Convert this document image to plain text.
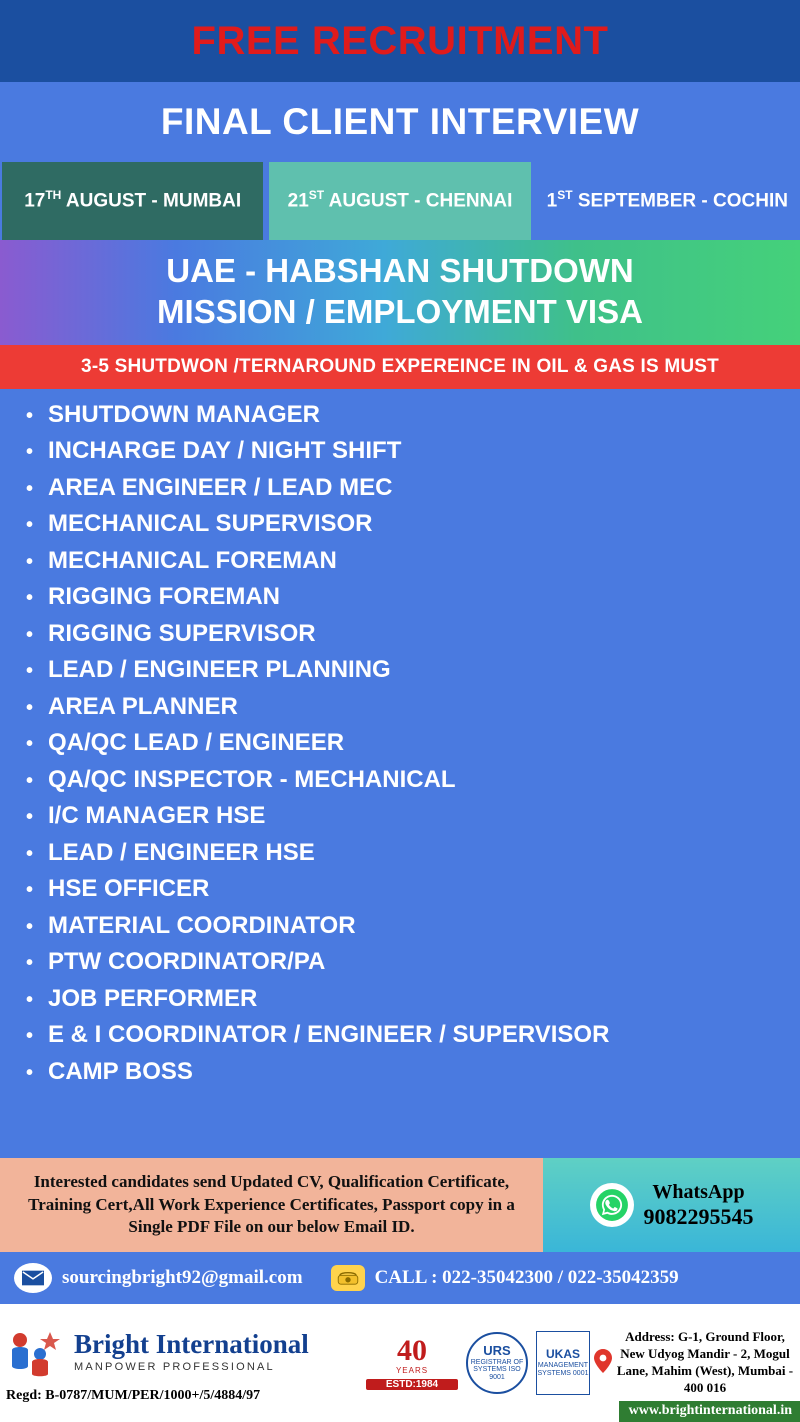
FREE RECRUITMENT
FINAL CLIENT INTERVIEW
17TH AUGUST - MUMBAI 21ST AUGUST - CHENNAI 1ST SEPTEMBER - COCHIN
UAE - HABSHAN SHUTDOWN
MISSION / EMPLOYMENT VISA
3-5 SHUTDWON /TERNAROUND EXPEREINCE IN OIL & GAS IS MUST
• SHUTDOWN MANAGER
• INCHARGE DAY / NIGHT SHIFT
• AREA ENGINEER / LEAD MEC
• MECHANICAL SUPERVISOR
• MECHANICAL FOREMAN
• RIGGING FOREMAN
• RIGGING SUPERVISOR
• LEAD / ENGINEER PLANNING
• AREA PLANNER
• QA/QC LEAD / ENGINEER
• QA/QC INSPECTOR - MECHANICAL
• I/C MANAGER HSE
• LEAD / ENGINEER HSE
• HSE OFFICER
• MATERIAL COORDINATOR
• PTW COORDINATOR/PA
• JOB PERFORMER
• E & I COORDINATOR / ENGINEER / SUPERVISOR
• CAMP BOSS
Interested candidates send Updated CV, Qualification Certificate, Training Cert,All Work Experience Certificates, Passport copy in a Single PDF File on our below Email ID.
WhatsApp
9082295545
sourcingbright92@gmail.com	CALL : 022-35042300 / 022-35042359
Bright International
MANPOWER PROFESSIONAL
Regd: B-0787/MUM/PER/1000+/5/4884/97
40
YEARS
ESTD:1984
URS
REGISTRAR OF SYSTEMS ISO 9001
UKAS
MANAGEMENT SYSTEMS 0001
Address: G-1, Ground Floor, New Udyog Mandir - 2, Mogul Lane, Mahim (West), Mumbai - 400 016
www.brightinternational.in
